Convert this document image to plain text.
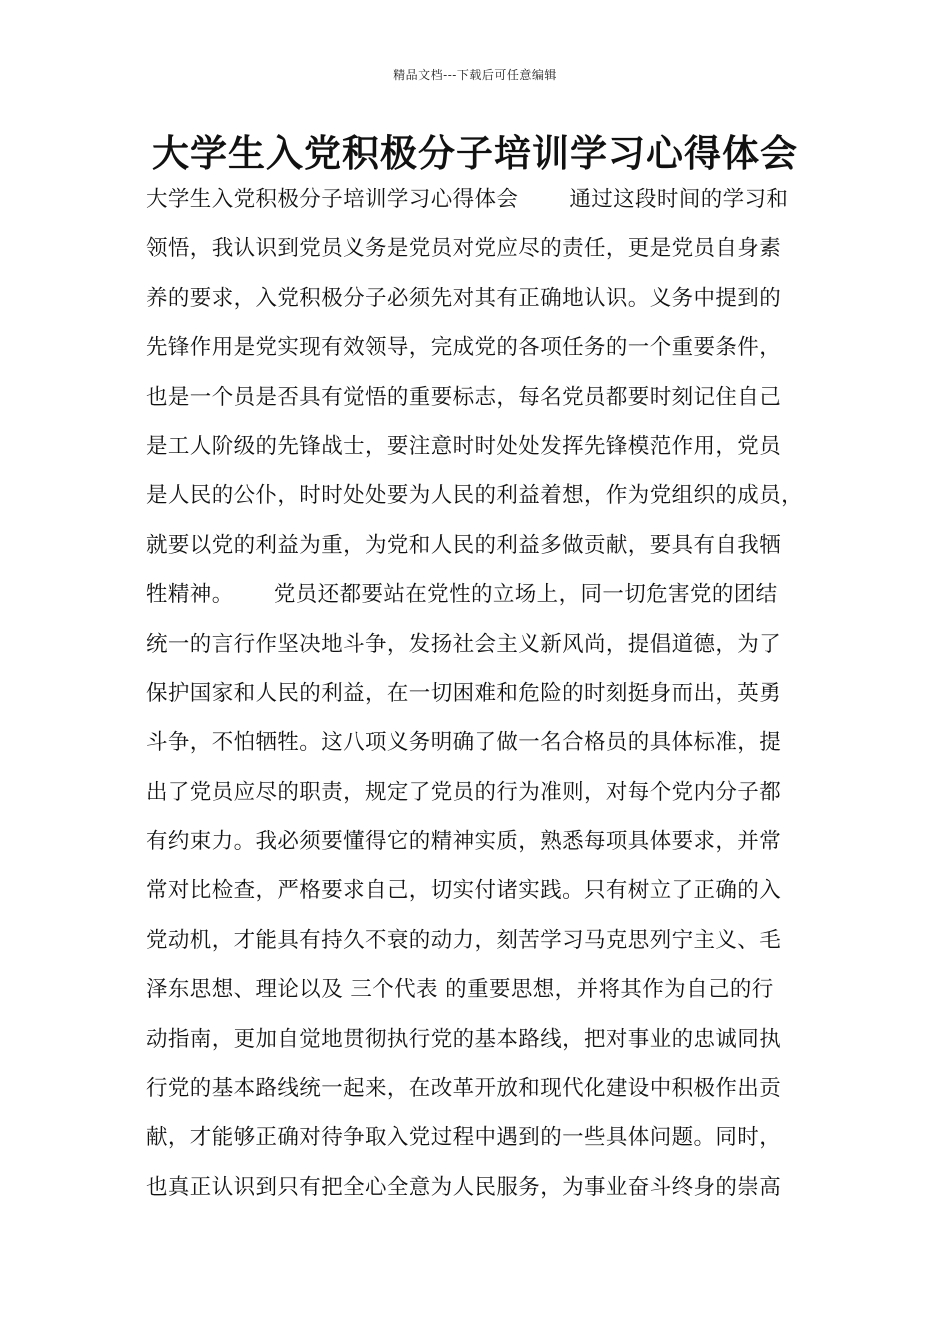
精品文档---下载后可任意编辑
大学生入党积极分子培训学习心得体会
大学生入党积极分子培训学习心得体会　　 通过这段时间的学习和
领悟，我认识到党员义务是党员对党应尽的责任，更是党员自身素
养的要求，入党积极分子必须先对其有正确地认识。义务中提到的
先锋作用是党实现有效领导，完成党的各项任务的一个重要条件，
也是一个员是否具有觉悟的重要标志，每名党员都要时刻记住自己
是工人阶级的先锋战士，要注意时时处处发挥先锋模范作用，党员
是人民的公仆，时时处处要为人民的利益着想，作为党组织的成员，
就要以党的利益为重，为党和人民的利益多做贡献，要具有自我牺
牲精神。　　 党员还都要站在党性的立场上，同一切危害党的团结
统一的言行作坚决地斗争，发扬社会主义新风尚，提倡道德，为了
保护国家和人民的利益，在一切困难和危险的时刻挺身而出，英勇
斗争，不怕牺牲。这八项义务明确了做一名合格员的具体标准，提
出了党员应尽的职责，规定了党员的行为准则，对每个党内分子都
有约束力。我必须要懂得它的精神实质，熟悉每项具体要求，并常
常对比检查，严格要求自己，切实付诸实践。只有树立了正确的入
党动机，才能具有持久不衰的动力，刻苦学习马克思列宁主义、毛
泽东思想、理论以及 三个代表 的重要思想，并将其作为自己的行
动指南，更加自觉地贯彻执行党的基本路线，把对事业的忠诚同执
行党的基本路线统一起来，在改革开放和现代化建设中积极作出贡
献，才能够正确对待争取入党过程中遇到的一些具体问题。同时，
也真正认识到只有把全心全意为人民服务，为事业奋斗终身的崇高
